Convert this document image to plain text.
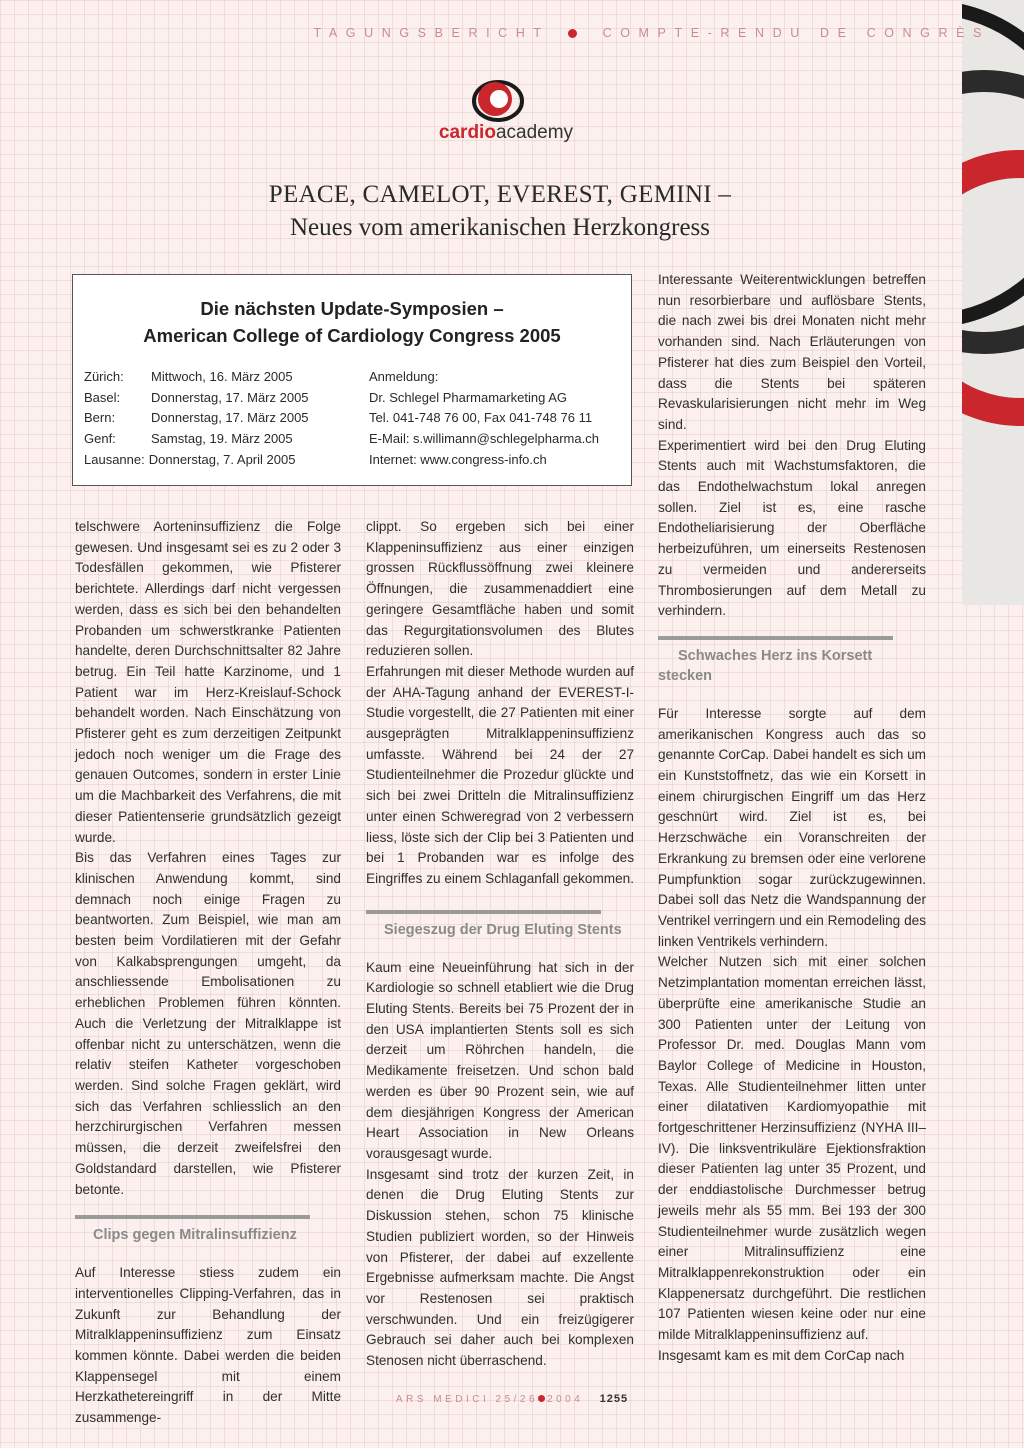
TAGUNGSBERICHT	COMPTE-RENDU DE CONGRÈS
cardioacademy
PEACE, CAMELOT, EVEREST, GEMINI –
Neues vom amerikanischen Herzkongress
Die nächsten Update-Symposien –
American College of Cardiology Congress 2005
Zürich: Mittwoch, 16. März 2005
Basel: Donnerstag, 17. März 2005
Bern:	Donnerstag, 17. März 2005
Genf:	Samstag, 19. März 2005
Lausanne: Donnerstag, 7. April 2005
Anmeldung:
Dr. Schlegel Pharmamarketing AG
Tel. 041-748 76 00, Fax 041-748 76 11
E-Mail: s.willimann@schlegelpharma.ch
Internet: www.congress-info.ch

telschwere Aorteninsuffizienz die Folge gewesen. Und insgesamt sei es zu 2 oder 3 Todesfällen gekommen, wie Pfisterer berichtete. Allerdings darf nicht vergessen werden, dass es sich bei den behandelten Probanden um schwerstkranke Patienten handelte, deren Durchschnittsalter 82 Jahre betrug. Ein Teil hatte Karzinome, und 1 Patient war im Herz-Kreislauf-Schock behandelt worden. Nach Einschätzung von Pfisterer geht es zum derzeitigen Zeitpunkt jedoch noch weniger um die Frage des genauen Outcomes, sondern in erster Linie um die Machbarkeit des Verfahrens, die mit dieser Patientenserie grundsätzlich gezeigt wurde.

Bis das Verfahren eines Tages zur klinischen Anwendung kommt, sind demnach noch einige Fragen zu beantworten. Zum Beispiel, wie man am besten beim Vordilatieren mit der Gefahr von Kalkabsprengungen umgeht, da anschliessende Embolisationen zu erheblichen Problemen führen könnten. Auch die Verletzung der Mitralklappe ist offenbar nicht zu unterschätzen, wenn die relativ steifen Katheter vorgeschoben werden. Sind solche Fragen geklärt, wird sich das Verfahren schliesslich an den herzchirurgischen Verfahren messen müssen, die derzeit zweifelsfrei den Goldstandard darstellen, wie Pfisterer betonte.

Clips gegen Mitralinsuffizienz

Auf Interesse stiess zudem ein interventionelles Clipping-Verfahren, das in Zukunft zur Behandlung der Mitralklappeninsuffizienz zum Einsatz kommen könnte. Dabei werden die beiden Klappensegel mit einem Herzkathetereingriff in der Mitte zusammenge-

clippt. So ergeben sich bei einer Klappeninsuffizienz aus einer einzigen grossen Rückflussöffnung zwei kleinere Öffnungen, die zusammenaddiert eine geringere Gesamtfläche haben und somit das Regurgitationsvolumen des Blutes reduzieren sollen.

Erfahrungen mit dieser Methode wurden auf der AHA-Tagung anhand der EVEREST-I-Studie vorgestellt, die 27 Patienten mit einer ausgeprägten Mitralklappeninsuffizienz umfasste. Während bei 24 der 27 Studienteilnehmer die Prozedur glückte und sich bei zwei Dritteln die Mitralinsuffizienz unter einen Schweregrad von 2 verbessern liess, löste sich der Clip bei 3 Patienten und bei 1 Probanden war es infolge des Eingriffes zu einem Schlaganfall gekommen.

Siegeszug der Drug Eluting Stents

Kaum eine Neueinführung hat sich in der Kardiologie so schnell etabliert wie die Drug Eluting Stents. Bereits bei 75 Prozent der in den USA implantierten Stents soll es sich derzeit um Röhrchen handeln, die Medikamente freisetzen. Und schon bald werden es über 90 Prozent sein, wie auf dem diesjährigen Kongress der American Heart Association in New Orleans vorausgesagt wurde.

Insgesamt sind trotz der kurzen Zeit, in denen die Drug Eluting Stents zur Diskussion stehen, schon 75 klinische Studien publiziert worden, so der Hinweis von Pfisterer, der dabei auf exzellente Ergebnisse aufmerksam machte. Die Angst vor Restenosen sei praktisch verschwunden. Und ein freizügigerer Gebrauch sei daher auch bei komplexen Stenosen nicht überraschend.

Interessante Weiterentwicklungen betreffen nun resorbierbare und auflösbare Stents, die nach zwei bis drei Monaten nicht mehr vorhanden sind. Nach Erläuterungen von Pfisterer hat dies zum Beispiel den Vorteil, dass die Stents bei späteren Revaskularisierungen nicht mehr im Weg sind.

Experimentiert wird bei den Drug Eluting Stents auch mit Wachstumsfaktoren, die das Endothelwachstum lokal anregen sollen. Ziel ist es, eine rasche Endotheliarisierung der Oberfläche herbeizuführen, um einerseits Restenosen zu vermeiden und andererseits Thrombosierungen auf dem Metall zu verhindern.

Schwaches Herz ins Korsett stecken

Für Interesse sorgte auf dem amerikanischen Kongress auch das so genannte CorCap. Dabei handelt es sich um ein Kunststoffnetz, das wie ein Korsett in einem chirurgischen Eingriff um das Herz geschnürt wird. Ziel ist es, bei Herzschwäche ein Voranschreiten der Erkrankung zu bremsen oder eine verlorene Pumpfunktion sogar zurückzugewinnen. Dabei soll das Netz die Wandspannung der Ventrikel verringern und ein Remodeling des linken Ventrikels verhindern.

Welcher Nutzen sich mit einer solchen Netzimplantation momentan erreichen lässt, überprüfte eine amerikanische Studie an 300 Patienten unter der Leitung von Professor Dr. med. Douglas Mann vom Baylor College of Medicine in Houston, Texas. Alle Studienteilnehmer litten unter einer dilatativen Kardiomyopathie mit fortgeschrittener Herzinsuffizienz (NYHA III–IV). Die linksventrikuläre Ejektionsfraktion dieser Patienten lag unter 35 Prozent, und der enddiastolische Durchmesser betrug jeweils mehr als 55 mm. Bei 193 der 300 Studienteilnehmer wurde zusätzlich wegen einer Mitralinsuffizienz eine Mitralklappenrekonstruktion oder ein Klappenersatz durchgeführt. Die restlichen 107 Patienten wiesen keine oder nur eine milde Mitralklappeninsuffizienz auf.

Insgesamt kam es mit dem CorCap nach

ARS MEDICI 25/26 2004 1255
